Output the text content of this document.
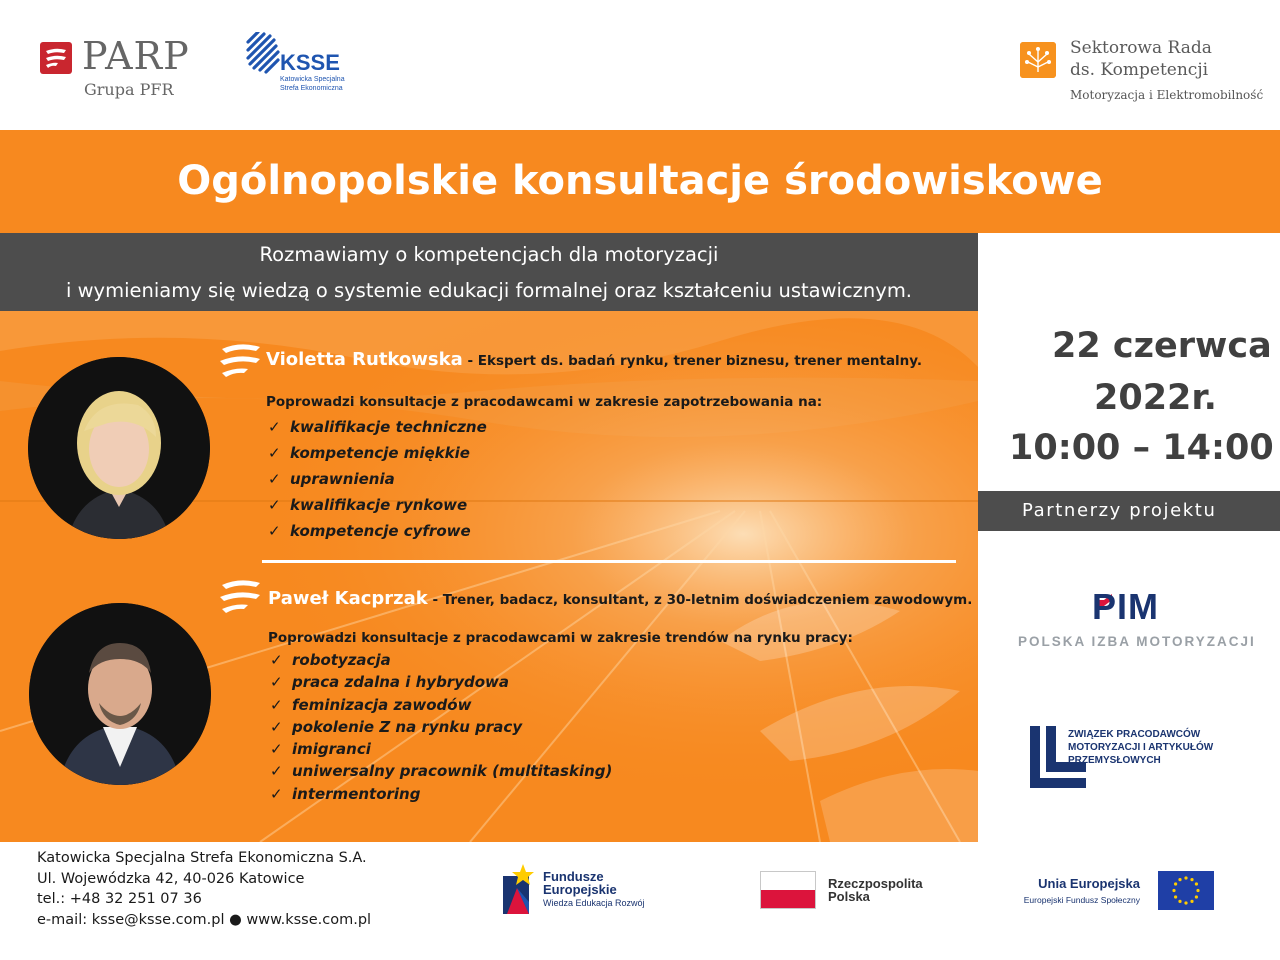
PARP
Grupa PFR
KSSE
Katowicka Specjalna Strefa Ekonomiczna
Sektorowa Rada
ds. Kompetencji
Motoryzacja i Elektromobilność
Ogólnopolskie konsultacje środowiskowe

Rozmawiamy o kompetencjach dla motoryzacji

i wymieniamy się wiedzą o systemie edukacji formalnej oraz kształceniu ustawicznym.

Violetta Rutkowska - Ekspert ds. badań rynku, trener biznesu, trener mentalny.
Poprowadzi konsultacje z pracodawcami w zakresie zapotrzebowania na:
✓ kwalifikacje techniczne
✓ kompetencje miękkie
✓ uprawnienia
✓ kwalifikacje rynkowe
✓ kompetencje cyfrowe
Paweł Kacprzak - Trener, badacz, konsultant, z 30-letnim doświadczeniem zawodowym.
Poprowadzi konsultacje z pracodawcami w zakresie trendów na rynku pracy:
✓ robotyzacja
✓ praca zdalna i hybrydowa
✓ feminizacja zawodów
✓ pokolenie Z na rynku pracy
✓ imigranci
✓ uniwersalny pracownik (multitasking)
✓ intermentoring
22 czerwca
2022r.
10:00 – 14:00
Partnerzy projektu
PIM
POLSKA IZBA MOTORYZACJI
ZWIĄZEK PRACODAWCÓW
MOTORYZACJI I ARTYKUŁÓW
PRZEMYSŁOWYCH

Katowicka Specjalna Strefa Ekonomiczna S.A.

Ul. Wojewódzka 42, 40-026 Katowice

tel.: +48 32 251 07 36

e-mail: ksse@ksse.com.pl ● www.ksse.com.pl

Fundusze
Europejskie
Wiedza Edukacja Rozwój
Rzeczpospolita
Polska
Unia Europejska
Europejski Fundusz Społeczny
